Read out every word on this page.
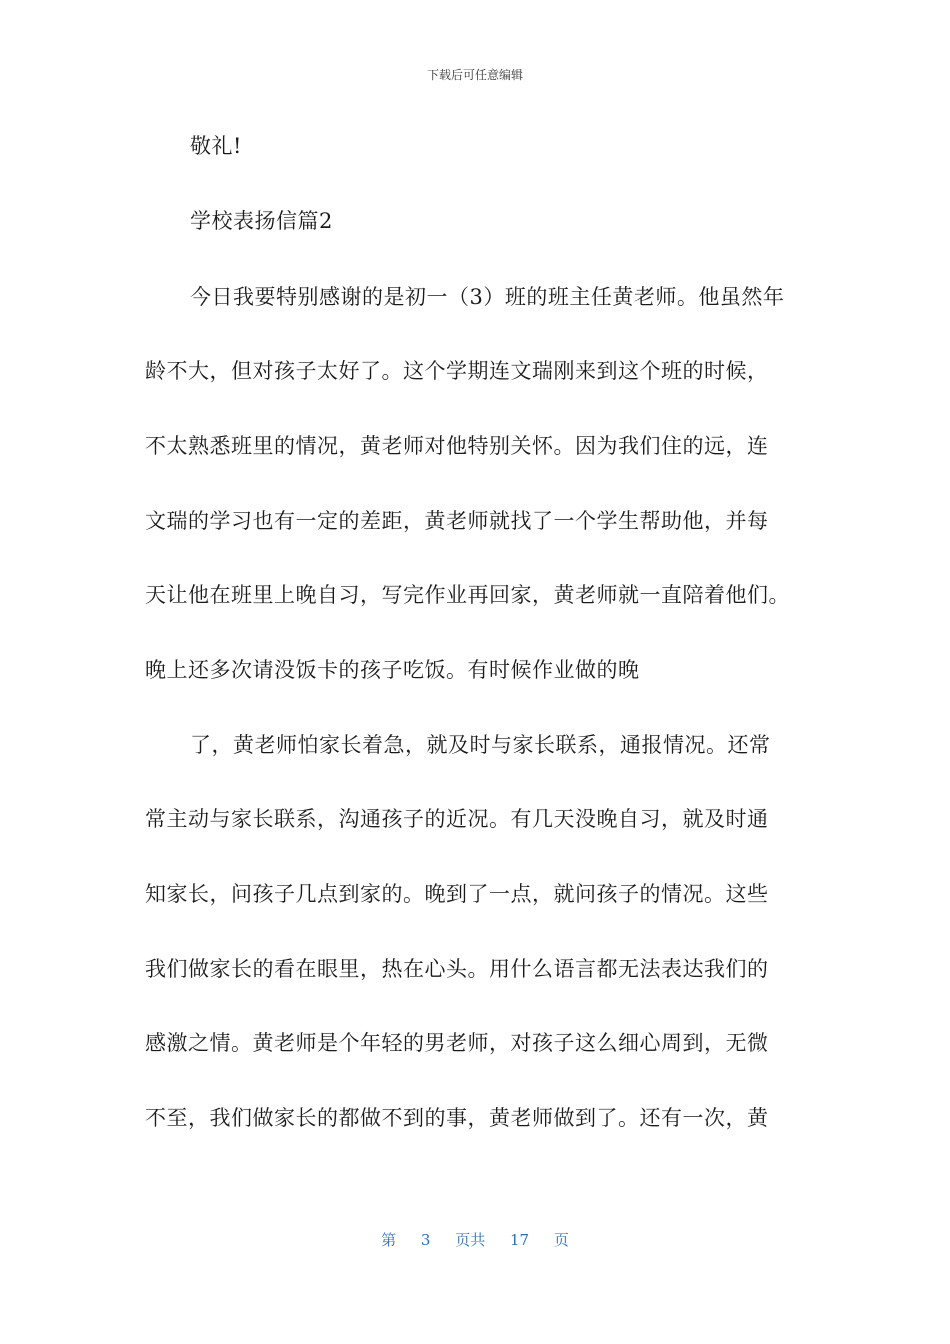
下载后可任意编辑
敬礼!
学校表扬信篇2
今日我要特别感谢的是初一（3）班的班主任黄老师。他虽然年
龄不大，但对孩子太好了。这个学期连文瑞刚来到这个班的时候，
不太熟悉班里的情况，黄老师对他特别关怀。因为我们住的远，连
文瑞的学习也有一定的差距，黄老师就找了一个学生帮助他，并每
天让他在班里上晚自习，写完作业再回家，黄老师就一直陪着他们。
晚上还多次请没饭卡的孩子吃饭。有时候作业做的晚
了，黄老师怕家长着急，就及时与家长联系，通报情况。还常
常主动与家长联系，沟通孩子的近况。有几天没晚自习，就及时通
知家长，问孩子几点到家的。晚到了一点，就问孩子的情况。这些
我们做家长的看在眼里，热在心头。用什么语言都无法表达我们的
感激之情。黄老师是个年轻的男老师，对孩子这么细心周到，无微
不至，我们做家长的都做不到的事，黄老师做到了。还有一次，黄
第 3 页共 17 页
